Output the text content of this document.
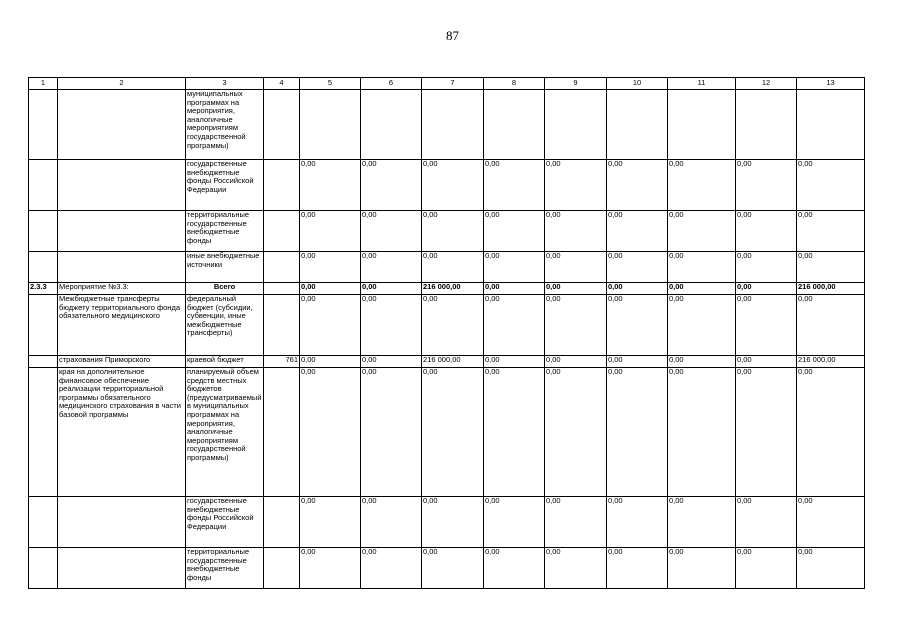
87
1	2	3	4	5	6	7	8	9	10	11	12	13
		муниципальных программах на мероприятия, аналогичные мероприятиям государственной программы)										
		государственные внебюджетные фонды Российской Федерации		0,00	0,00	0,00	0,00	0,00	0,00	0,00	0,00	0,00
		территориальные государственные внебюджетные фонды		0,00	0,00	0,00	0,00	0,00	0,00	0,00	0,00	0,00
		иные внебюджетные источники		0,00	0,00	0,00	0,00	0,00	0,00	0,00	0,00	0,00
2.3.3	Мероприятие №3.3:	Всего		0,00	0,00	216 000,00	0,00	0,00	0,00	0,00	0,00	216 000,00
	Межбюджетные трансферты бюджету территориального фонда обязательного медицинского	федеральный бюджет (субсидии, субвенции, иные межбюджетные трансферты)		0,00	0,00	0,00	0,00	0,00	0,00	0,00	0,00	0,00
	страхования Приморского	краевой бюджет	761	0,00	0,00	216 000,00	0,00	0,00	0,00	0,00	0,00	216 000,00
	края на дополнительное финансовое обеспечение реализации территориальной программы обязательного медицинского страхования в части базовой программы	планируемый объем средств местных бюджетов (предусматриваемый в муниципальных программах на мероприятия, аналогичные мероприятиям государственной программы)		0,00	0,00	0,00	0,00	0,00	0,00	0,00	0,00	0,00
		государственные внебюджетные фонды Российской Федерации		0,00	0,00	0,00	0,00	0,00	0,00	0,00	0,00	0,00
		территориальные государственные внебюджетные фонды		0,00	0,00	0,00	0,00	0,00	0,00	0,00	0,00	0,00
